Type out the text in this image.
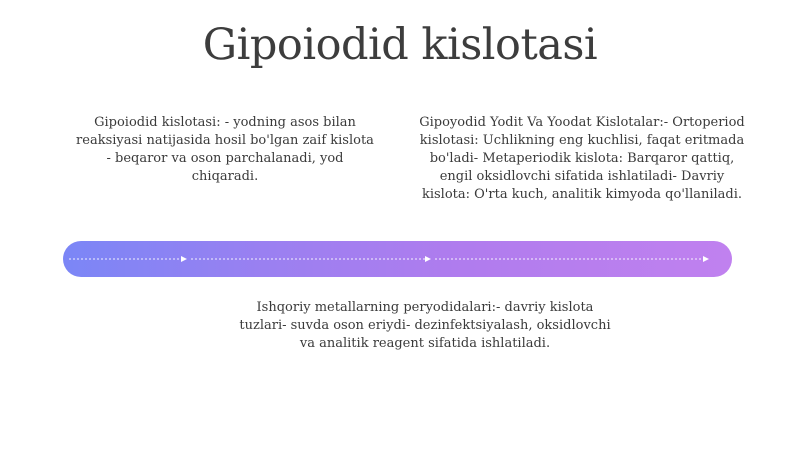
Gipoiodid kislotasi
Gipoiodid kislotasi: - yodning asos bilan reaksiyasi natijasida hosil bo'lgan zaif kislota - beqaror va oson parchalanadi, yod chiqaradi.
Gipoyodid Yodit Va Yoodat Kislotalar:- Ortoperiod kislotasi: Uchlikning eng kuchlisi, faqat eritmada bo'ladi- Metaperiodik kislota: Barqaror qattiq, engil oksidlovchi sifatida ishlatiladi- Davriy kislota: O'rta kuch, analitik kimyoda qo'llaniladi.
Ishqoriy metallarning peryodidalari:- davriy kislota tuzlari- suvda oson eriydi- dezinfektsiyalash, oksidlovchi va analitik reagent sifatida ishlatiladi.
